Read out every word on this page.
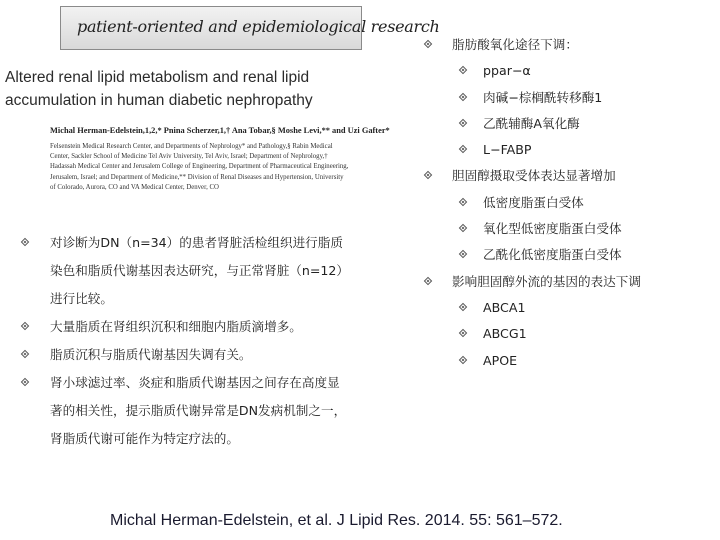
patient-oriented and epidemiological research
Altered renal lipid metabolism and renal lipid accumulation in human diabetic nephropathy
Michal Herman-Edelstein,1,2,* Pnina Scherzer,1,† Ana Tobar,§ Moshe Levi,** and Uzi Gafter*
Felsenstein Medical Research Center, and Departments of Nephrology* and Pathology,§ Rabin Medical Center, Sackler School of Medicine Tel Aviv University, Tel Aviv, Israel; Department of Nephrology,† Hadassah Medical Center and Jerusalem College of Engineering, Department of Pharmaceutical Engineering, Jerusalem, Israel; and Department of Medicine,** Division of Renal Diseases and Hypertension, University of Colorado, Aurora, CO and VA Medical Center, Denver, CO
对诊断为DN（n=34）的患者肾脏活检组织进行脂质染色和脂质代谢基因表达研究，与正常肾脏（n=12）进行比较。
大量脂质在肾组织沉积和细胞内脂质滴增多。
脂质沉积与脂质代谢基因失调有关。
肾小球滤过率、炎症和脂质代谢基因之间存在高度显著的相关性，提示脂质代谢异常是DN发病机制之一，肾脂质代谢可能作为特定疗法的。
脂肪酸氧化途径下调：
ppar−α
肉碱−棕榈酰转移酶1
乙酰辅酶A氧化酶
L−FABP
胆固醇摄取受体表达显著增加
低密度脂蛋白受体
氧化型低密度脂蛋白受体
乙酰化低密度脂蛋白受体
影响胆固醇外流的基因的表达下调
ABCA1
ABCG1
APOE
Michal Herman-Edelstein, et al. J Lipid Res. 2014. 55: 561–572.
